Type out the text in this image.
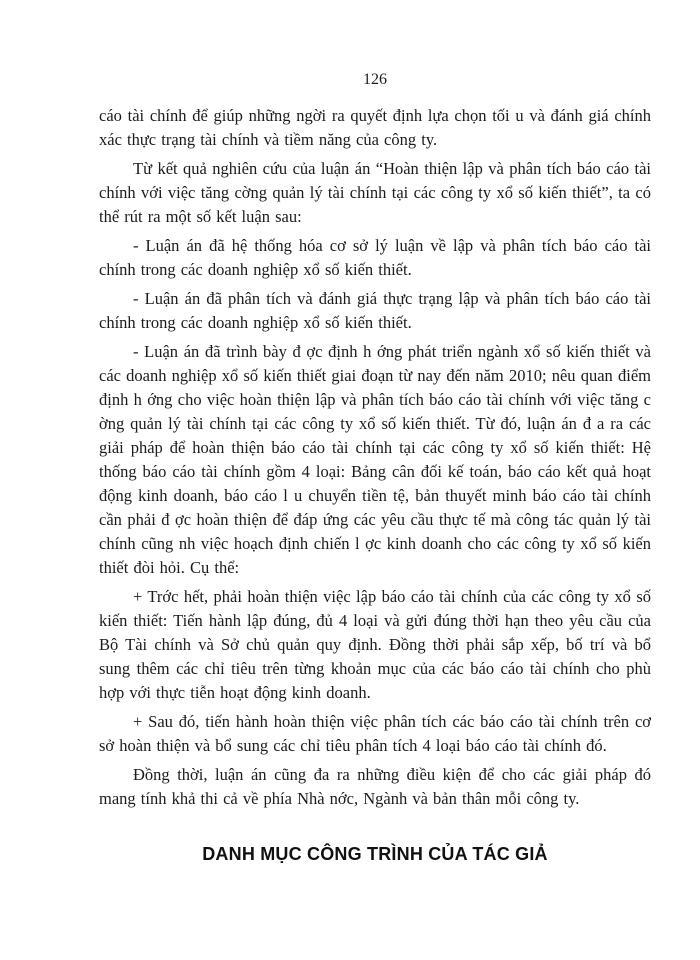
126

cáo tài chính để giúp những ngời ra quyết định lựa chọn tối u và đánh giá chính xác thực trạng tài chính và tiềm năng của công ty.

Từ kết quả nghiên cứu của luận án “Hoàn thiện lập và phân tích báo cáo tài chính với việc tăng cờng quản lý tài chính tại các công ty xổ số kiến thiết”, ta có thể rút ra một số kết luận sau:

- Luận án đã hệ thống hóa cơ sở lý luận về lập và phân tích báo cáo tài chính trong các doanh nghiệp xổ số kiến thiết.

- Luận án đã phân tích và đánh giá thực trạng lập và phân tích báo cáo tài chính trong các doanh nghiệp xổ số kiến thiết.

- Luận án đã trình bày đ ợc định h ớng phát triển ngành xổ số kiến thiết và các doanh nghiệp xổ số kiến thiết giai đoạn từ nay đến năm 2010; nêu quan điểm định h ớng cho việc hoàn thiện lập và phân tích báo cáo tài chính với việc tăng c ờng quản lý tài chính tại các công ty xổ số kiến thiết. Từ đó, luận án đ a ra các giải pháp để hoàn thiện báo cáo tài chính tại các công ty xổ số kiến thiết: Hệ thống báo cáo tài chính gồm 4 loại: Bảng cân đối kế toán, báo cáo kết quả hoạt động kinh doanh, báo cáo l u chuyển tiền tệ, bản thuyết minh báo cáo tài chính cần phải đ ợc hoàn thiện để đáp ứng các yêu cầu thực tế mà công tác quản lý tài chính cũng nh việc hoạch định chiến l ợc kinh doanh cho các công ty xổ số kiến thiết đòi hỏi. Cụ thể:

+ Trớc hết, phải hoàn thiện việc lập báo cáo tài chính của các công ty xổ số kiến thiết: Tiến hành lập đúng, đủ 4 loại và gửi đúng thời hạn theo yêu cầu của Bộ Tài chính và Sở chủ quản quy định. Đồng thời phải sắp xếp, bố trí và bổ sung thêm các chỉ tiêu trên từng khoản mục của các báo cáo tài chính cho phù hợp với thực tiễn hoạt động kinh doanh.

+ Sau đó, tiến hành hoàn thiện việc phân tích các báo cáo tài chính trên cơ sở hoàn thiện và bổ sung các chỉ tiêu phân tích 4 loại báo cáo tài chính đó.

Đồng thời, luận án cũng đa ra những điều kiện để cho các giải pháp đó mang tính khả thi cả về phía Nhà nớc, Ngành và bản thân mỗi công ty.

DANH MỤC CÔNG TRÌNH CỦA TÁC GIẢ
